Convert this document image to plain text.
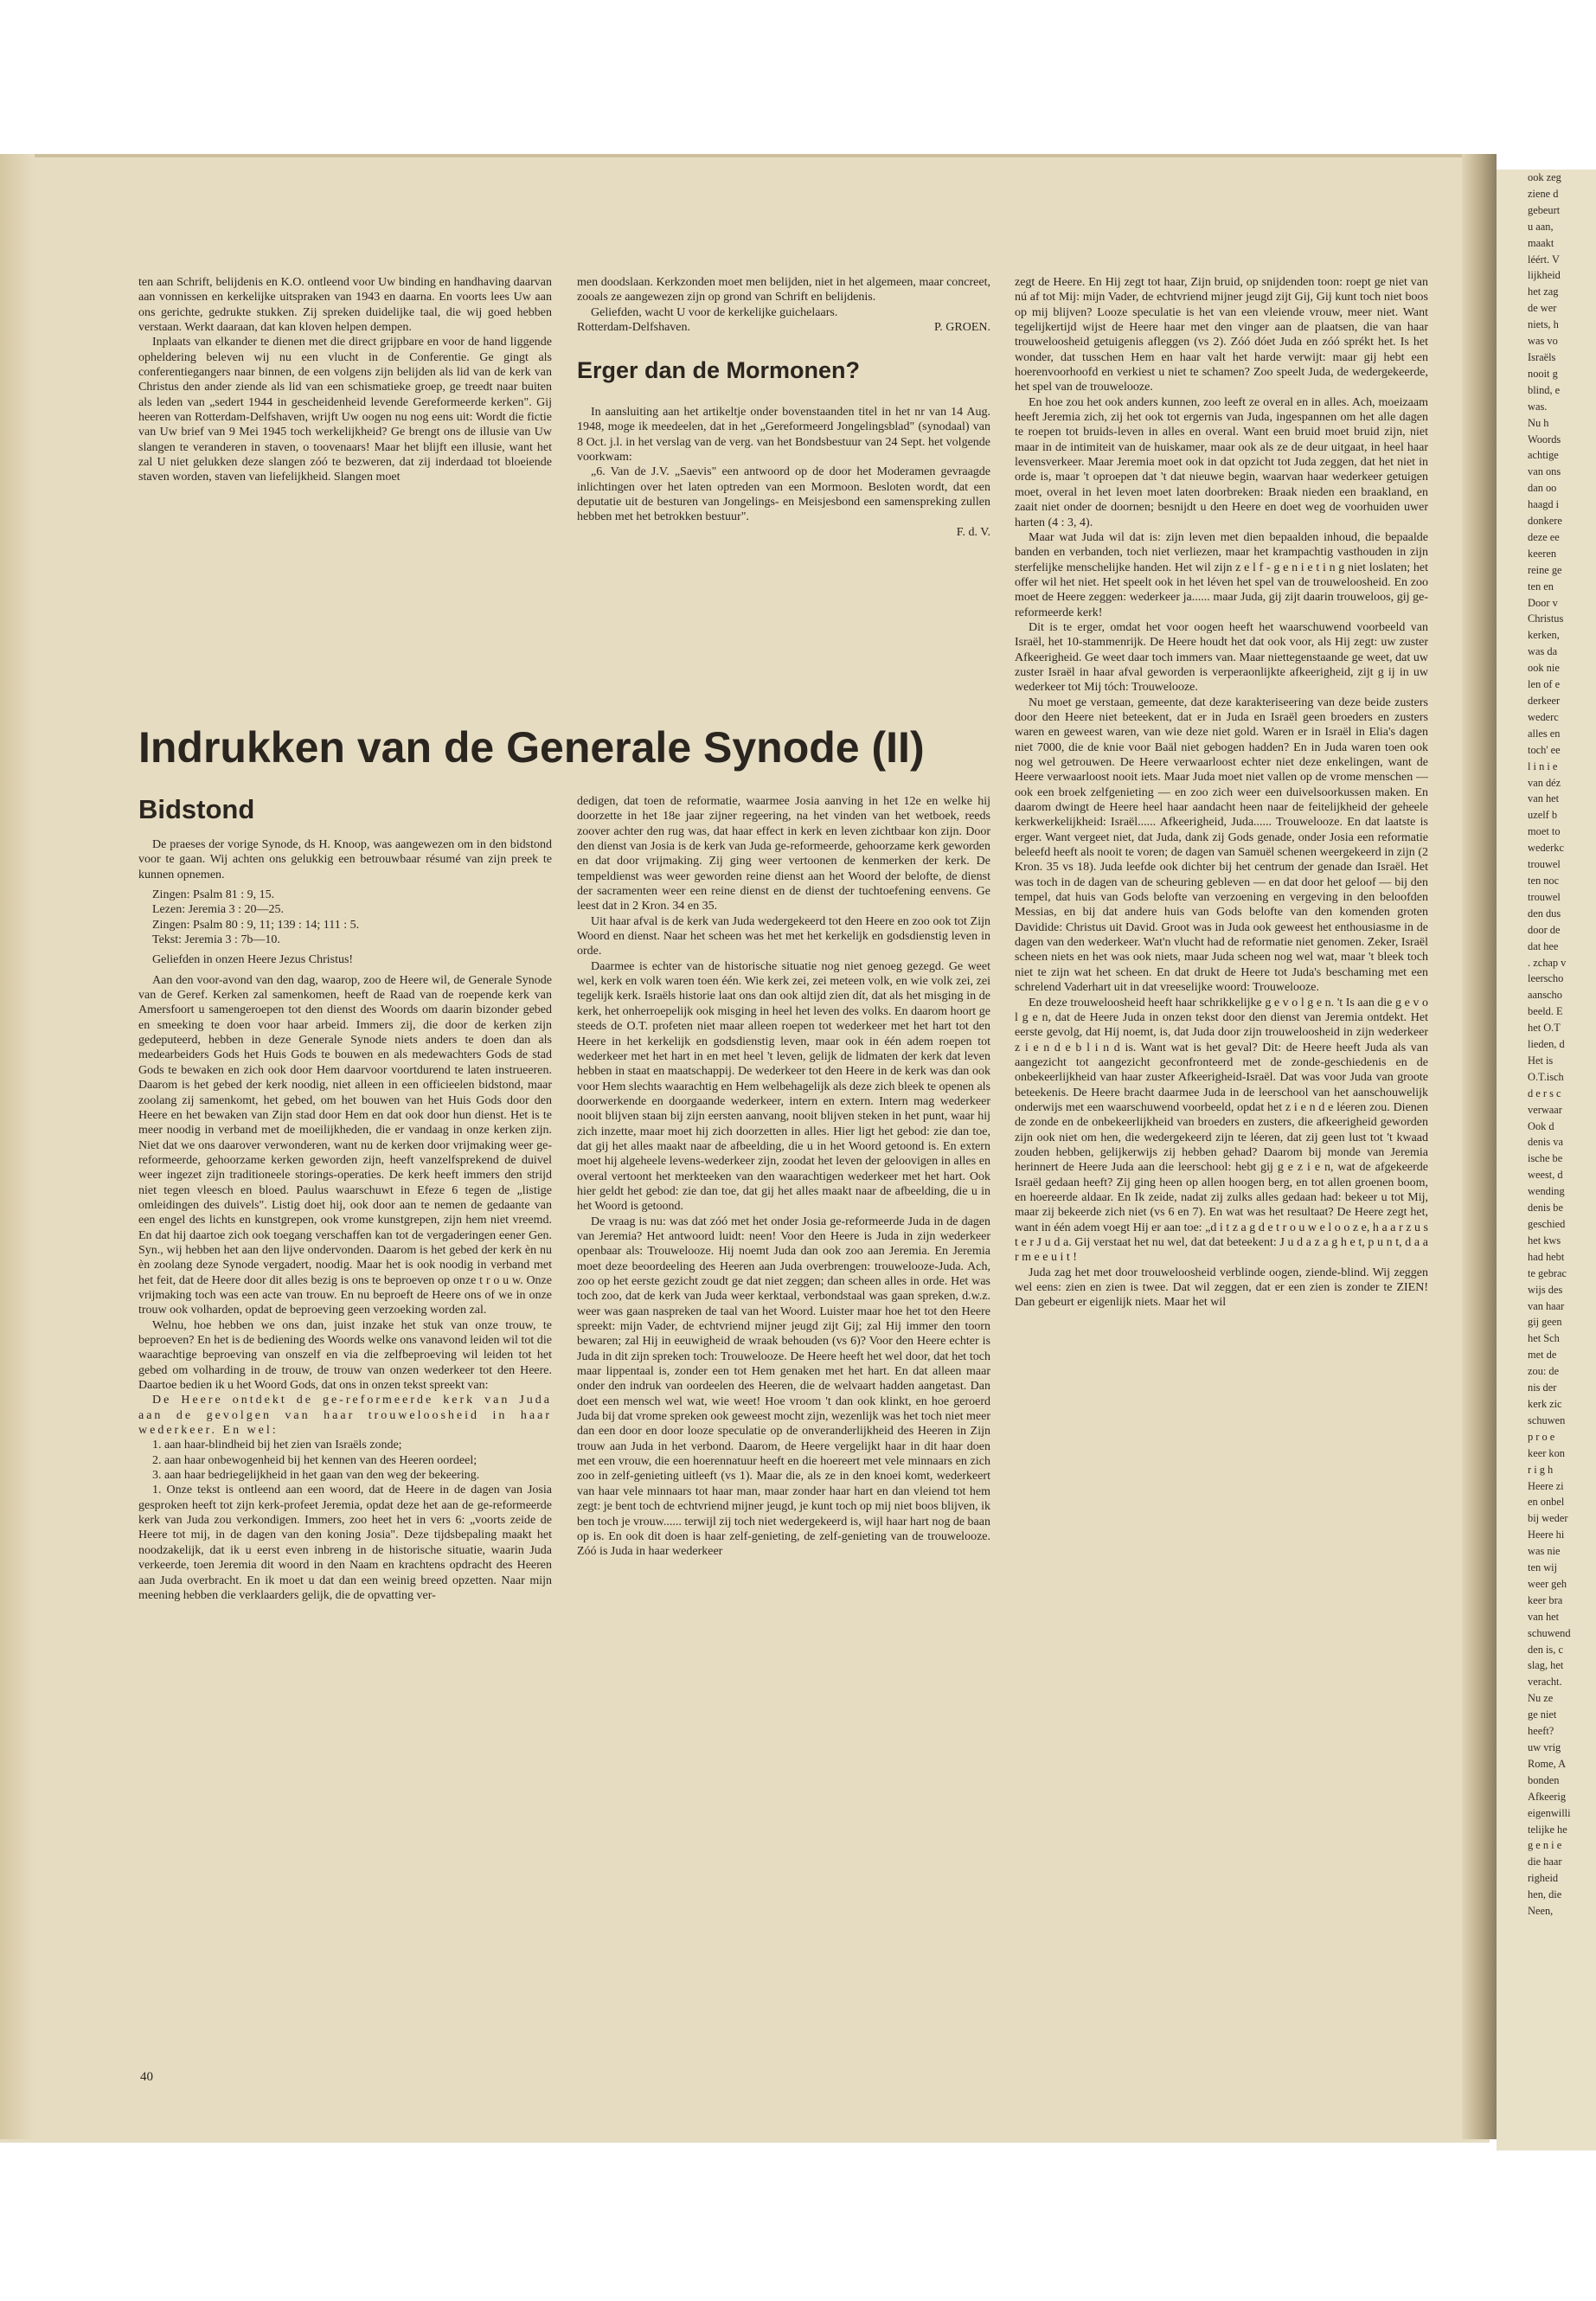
ook zeg
ziene d
gebeurt
u aan,
maakt
léért. V
lijkheid
het zag
de wer
niets, h
was vo
Israëls
nooit g
blind, e
was.
Nu h
Woords
achtige
van ons
dan oo
haagd i
donkere
deze ee
keeren
reine ge
ten en
Door v
Christus
kerken,
was da
ook nie
len of e
derkeer
wederc
alles en
toch' ee
l i n i e
van déz
van het
uzelf b
moet to
wederkc
trouwel
ten noc
trouwel
den dus
door de
dat hee
. zchap v
leerscho
aanscho
beeld. E
het O.T
lieden, d
Het is
O.T.isch
d e r s c
verwaar
Ook d
denis va
ische be
weest, d
wending
denis be
geschied
het kws
had hebt
te gebrac
wijs des
van haar
gij geen
het Sch
met de
zou: de
nis der
kerk zic
schuwen
p r o e
keer kon
r i g h
Heere zi
en onbel
bij weder
Heere hi
was nie
ten wij
weer geh
keer bra
van het
schuwend
den is, c
slag, het
veracht.
Nu ze
ge niet
heeft?
uw vrig
Rome, A
bonden
Afkeerig
eigenwilli
telijke he
g e n i e
die haar
righeid
hen, die
Neen,

ten aan Schrift, belijdenis en K.O. ontleend voor Uw binding en handhaving daarvan aan vonnissen en kerkelijke uitspraken van 1943 en daarna. En voorts lees Uw aan ons gerichte, gedrukte stukken. Zij spreken duidelijke taal, die wij goed hebben verstaan. Werkt daaraan, dat kan kloven helpen dempen.

Inplaats van elkander te dienen met die direct grijpbare en voor de hand liggende opheldering beleven wij nu een vlucht in de Conferentie. Ge gingt als conferentiegangers naar binnen, de een volgens zijn belijden als lid van de kerk van Christus den ander ziende als lid van een schismatieke groep, ge treedt naar buiten als leden van „sedert 1944 in gescheidenheid levende Gereformeerde kerken". Gij heeren van Rotterdam-Delfshaven, wrijft Uw oogen nu nog eens uit: Wordt die fictie van Uw brief van 9 Mei 1945 toch werkelijkheid? Ge brengt ons de illusie van Uw slangen te veranderen in staven, o toovenaars! Maar het blijft een illusie, want het zal U niet gelukken deze slangen zóó te bezweren, dat zij inderdaad tot bloeiende staven worden, staven van liefelijkheid. Slangen moet

men doodslaan. Kerkzonden moet men belijden, niet in het algemeen, maar concreet, zooals ze aangewezen zijn op grond van Schrift en belijdenis.

Geliefden, wacht U voor de kerkelijke guichelaars.

Rotterdam-Delfshaven.	P. GROEN.
Erger dan de Mormonen?

In aansluiting aan het artikeltje onder bovenstaanden titel in het nr van 14 Aug. 1948, moge ik meedeelen, dat in het „Gereformeerd Jongelingsblad" (synodaal) van 8 Oct. j.l. in het verslag van de verg. van het Bondsbestuur van 24 Sept. het volgende voorkwam:

„6. Van de J.V. „Saevis" een antwoord op de door het Moderamen gevraagde inlichtingen over het laten optreden van een Mormoon. Besloten wordt, dat een deputatie uit de besturen van Jongelings- en Meisjesbond een samenspreking zullen hebben met het betrokken bestuur".

F. d. V.

zegt de Heere. En Hij zegt tot haar, Zijn bruid, op snijdenden toon: roept ge niet van nú af tot Mij: mijn Vader, de echtvriend mijner jeugd zijt Gij, Gij kunt toch niet boos op mij blijven? Looze speculatie is het van een vleiende vrouw, meer niet. Want tegelijkertijd wijst de Heere haar met den vinger aan de plaatsen, die van haar trouweloosheid getuigenis afleggen (vs 2). Zóó dóet Juda en zóó sprékt het. Is het wonder, dat tusschen Hem en haar valt het harde verwijt: maar gij hebt een hoerenvoorhoofd en verkiest u niet te schamen? Zoo speelt Juda, de wedergekeerde, het spel van de trouwelooze.

En hoe zou het ook anders kunnen, zoo leeft ze overal en in alles. Ach, moeizaam heeft Jeremia zich, zij het ook tot ergernis van Juda, ingespannen om het alle dagen te roepen tot bruids-leven in alles en overal. Want een bruid moet bruid zijn, niet maar in de intimiteit van de huiskamer, maar ook als ze de deur uitgaat, in heel haar levensverkeer. Maar Jeremia moet ook in dat opzicht tot Juda zeggen, dat het niet in orde is, maar 't oproepen dat 't dat nieuwe begin, waarvan haar wederkeer getuigen moet, overal in het leven moet laten doorbreken: Braak nieden een braakland, en zaait niet onder de doornen; besnijdt u den Heere en doet weg de voorhuiden uwer harten (4 : 3, 4).

Maar wat Juda wil dat is: zijn leven met dien bepaalden inhoud, die bepaalde banden en verbanden, toch niet verliezen, maar het krampachtig vasthouden in zijn sterfelijke menschelijke handen. Het wil zijn z e l f - g e n i e t i n g niet loslaten; het offer wil het niet. Het speelt ook in het léven het spel van de trouweloosheid. En zoo moet de Heere zeggen: wederkeer ja...... maar Juda, gij zijt daarin trouweloos, gij ge-reformeerde kerk!

Dit is te erger, omdat het voor oogen heeft het waarschuwend voorbeeld van Israël, het 10-stammenrijk. De Heere houdt het dat ook voor, als Hij zegt: uw zuster Afkeerigheid. Ge weet daar toch immers van. Maar niettegenstaande ge weet, dat uw zuster Israël in haar afval geworden is verperaonlijkte afkeerigheid, zijt g ij in uw wederkeer tot Mij tóch: Trouwelooze.

Nu moet ge verstaan, gemeente, dat deze karakteriseering van deze beide zusters door den Heere niet beteekent, dat er in Juda en Israël geen broeders en zusters waren en geweest waren, van wie deze niet gold. Waren er in Israël in Elia's dagen niet 7000, die de knie voor Baäl niet gebogen hadden? En in Juda waren toen ook nog wel getrouwen. De Heere verwaarloost echter niet deze enkelingen, want de Heere verwaarloost nooit iets. Maar Juda moet niet vallen op de vrome menschen — ook een broek zelfgenieting — en zoo zich weer een duivelsoorkussen maken. En daarom dwingt de Heere heel haar aandacht heen naar de feitelijkheid der geheele kerkwerkelijkheid: Israël...... Afkeerigheid, Juda...... Trouwelooze. En dat laatste is erger. Want vergeet niet, dat Juda, dank zij Gods genade, onder Josia een reformatie beleefd heeft als nooit te voren; de dagen van Samuël schenen weergekeerd in zijn (2 Kron. 35 vs 18). Juda leefde ook dichter bij het centrum der genade dan Israël. Het was toch in de dagen van de scheuring gebleven — en dat door het geloof — bij den tempel, dat huis van Gods belofte van verzoening en vergeving in den beloofden Messias, en bij dat andere huis van Gods belofte van den komenden groten Davidide: Christus uit David. Groot was in Juda ook geweest het enthousiasme in de dagen van den wederkeer. Wat'n vlucht had de reformatie niet genomen. Zeker, Israël scheen niets en het was ook niets, maar Juda scheen nog wel wat, maar 't bleek toch niet te zijn wat het scheen. En dat drukt de Heere tot Juda's beschaming met een schrelend Vaderhart uit in dat vreeselijke woord: Trouwelooze.

En deze trouweloosheid heeft haar schrikkelijke g e v o l g e n. 't Is aan die g e v o l g e n, dat de Heere Juda in onzen tekst door den dienst van Jeremia ontdekt. Het eerste gevolg, dat Hij noemt, is, dat Juda door zijn trouweloosheid in zijn wederkeer z i e n d e b l i n d is. Want wat is het geval? Dit: de Heere heeft Juda als van aangezicht tot aangezicht geconfronteerd met de zonde-geschiedenis en de onbekeerlijkheid van haar zuster Afkeerigheid-Israël. Dat was voor Juda van groote beteekenis. De Heere bracht daarmee Juda in de leerschool van het aanschouwelijk onderwijs met een waarschuwend voorbeeld, opdat het z i e n d e léeren zou. Dienen de zonde en de onbekeerlijkheid van broeders en zusters, die afkeerigheid geworden zijn ook niet om hen, die wedergekeerd zijn te léeren, dat zij geen lust tot 't kwaad zouden hebben, gelijkerwijs zij hebben gehad? Daarom bij monde van Jeremia herinnert de Heere Juda aan die leerschool: hebt gij g e z i e n, wat de afgekeerde Israël gedaan heeft? Zij ging heen op allen hoogen berg, en tot allen groenen boom, en hoereerde aldaar. En Ik zeide, nadat zij zulks alles gedaan had: bekeer u tot Mij, maar zij bekeerde zich niet (vs 6 en 7). En wat was het resultaat? De Heere zegt het, want in één adem voegt Hij er aan toe: „d i t z a g d e t r o u w e l o o z e, h a a r z u s t e r J u d a. Gij verstaat het nu wel, dat dat beteekent: J u d a z a g h e t, p u n t, d a a r m e e u i t !

Juda zag het met door trouweloosheid verblinde oogen, ziende-blind. Wij zeggen wel eens: zien en zien is twee. Dat wil zeggen, dat er een zien is zonder te ZIEN! Dan gebeurt er eigenlijk niets. Maar het wil

Indrukken van de Generale Synode (II)
Bidstond

De praeses der vorige Synode, ds H. Knoop, was aangewezen om in den bidstond voor te gaan. Wij achten ons gelukkig een betrouwbaar résumé van zijn preek te kunnen opnemen.

Zingen: Psalm 81 : 9, 15.

Lezen: Jeremia 3 : 20—25.

Zingen: Psalm 80 : 9, 11; 139 : 14; 111 : 5.

Tekst: Jeremia 3 : 7b—10.

Geliefden in onzen Heere Jezus Christus!

Aan den voor-avond van den dag, waarop, zoo de Heere wil, de Generale Synode van de Geref. Kerken zal samenkomen, heeft de Raad van de roepende kerk van Amersfoort u samengeroepen tot den dienst des Woords om daarin bizonder gebed en smeeking te doen voor haar arbeid. Immers zij, die door de kerken zijn gedeputeerd, hebben in deze Generale Synode niets anders te doen dan als medearbeiders Gods het Huis Gods te bouwen en als medewachters Gods de stad Gods te bewaken en zich ook door Hem daarvoor voortdurend te laten instrueeren. Daarom is het gebed der kerk noodig, niet alleen in een officieelen bidstond, maar zoolang zij samenkomt, het gebed, om het bouwen van het Huis Gods door den Heere en het bewaken van Zijn stad door Hem en dat ook door hun dienst. Het is te meer noodig in verband met de moeilijkheden, die er vandaag in onze kerken zijn. Niet dat we ons daarover verwonderen, want nu de kerken door vrijmaking weer ge-reformeerde, gehoorzame kerken geworden zijn, heeft vanzelfsprekend de duivel weer ingezet zijn traditioneele storings-operaties. De kerk heeft immers den strijd niet tegen vleesch en bloed. Paulus waarschuwt in Efeze 6 tegen de „listige omleidingen des duivels". Listig doet hij, ook door aan te nemen de gedaante van een engel des lichts en kunstgrepen, ook vrome kunstgrepen, zijn hem niet vreemd. En dat hij daartoe zich ook toegang verschaffen kan tot de vergaderingen eener Gen. Syn., wij hebben het aan den lijve ondervonden. Daarom is het gebed der kerk èn nu èn zoolang deze Synode vergadert, noodig. Maar het is ook noodig in verband met het feit, dat de Heere door dit alles bezig is ons te beproeven op onze t r o u w. Onze vrijmaking toch was een acte van trouw. En nu beproeft de Heere ons of we in onze trouw ook volharden, opdat de beproeving geen verzoeking worden zal.

Welnu, hoe hebben we ons dan, juist inzake het stuk van onze trouw, te beproeven? En het is de bediening des Woords welke ons vanavond leiden wil tot die waarachtige beproeving van onszelf en via die zelfbeproeving wil leiden tot het gebed om volharding in de trouw, de trouw van onzen wederkeer tot den Heere. Daartoe bedien ik u het Woord Gods, dat ons in onzen tekst spreekt van:

De Heere ontdekt de ge-reformeerde kerk van Juda aan de gevolgen van haar trouweloosheid in haar wederkeer. En wel:

1. aan haar-blindheid bij het zien van Israëls zonde;

2. aan haar onbewogenheid bij het kennen van des Heeren oordeel;

3. aan haar bedriegelijkheid in het gaan van den weg der bekeering.

1. Onze tekst is ontleend aan een woord, dat de Heere in de dagen van Josia gesproken heeft tot zijn kerk-profeet Jeremia, opdat deze het aan de ge-reformeerde kerk van Juda zou verkondigen. Immers, zoo heet het in vers 6: „voorts zeide de Heere tot mij, in de dagen van den koning Josia". Deze tijdsbepaling maakt het noodzakelijk, dat ik u eerst even inbreng in de historische situatie, waarin Juda verkeerde, toen Jeremia dit woord in den Naam en krachtens opdracht des Heeren aan Juda overbracht. En ik moet u dat dan een weinig breed opzetten. Naar mijn meening hebben die verklaarders gelijk, die de opvatting ver-

dedigen, dat toen de reformatie, waarmee Josia aanving in het 12e en welke hij doorzette in het 18e jaar zijner regeering, na het vinden van het wetboek, reeds zoover achter den rug was, dat haar effect in kerk en leven zichtbaar kon zijn. Door den dienst van Josia is de kerk van Juda ge-reformeerde, gehoorzame kerk geworden en dat door vrijmaking. Zij ging weer vertoonen de kenmerken der kerk. De tempeldienst was weer geworden reine dienst aan het Woord der belofte, de dienst der sacramenten weer een reine dienst en de dienst der tuchtoefening eenvens. Ge leest dat in 2 Kron. 34 en 35.

Uit haar afval is de kerk van Juda wedergekeerd tot den Heere en zoo ook tot Zijn Woord en dienst. Naar het scheen was het met het kerkelijk en godsdienstig leven in orde.

Daarmee is echter van de historische situatie nog niet genoeg gezegd. Ge weet wel, kerk en volk waren toen één. Wie kerk zei, zei meteen volk, en wie volk zei, zei tegelijk kerk. Israëls historie laat ons dan ook altijd zien dít, dat als het misging in de kerk, het onherroepelijk ook misging in heel het leven des volks. En daarom hoort ge steeds de O.T. profeten niet maar alleen roepen tot wederkeer met het hart tot den Heere in het kerkelijk en godsdienstig leven, maar ook in één adem roepen tot wederkeer met het hart in en met heel 't leven, gelijk de lidmaten der kerk dat leven hebben in staat en maatschappij. De wederkeer tot den Heere in de kerk was dan ook voor Hem slechts waarachtig en Hem welbehagelijk als deze zich bleek te openen als doorwerkende en doorgaande wederkeer, intern en extern. Intern mag wederkeer nooit blijven staan bij zijn eersten aanvang, nooit blijven steken in het punt, waar hij zich inzette, maar moet hij zich doorzetten in alles. Hier ligt het gebod: zie dan toe, dat gij het alles maakt naar de afbeelding, die u in het Woord getoond is. En extern moet hij algeheele levens-wederkeer zijn, zoodat het leven der geloovigen in alles en overal vertoont het merkteeken van den waarachtigen wederkeer met het hart. Ook hier geldt het gebod: zie dan toe, dat gij het alles maakt naar de afbeelding, die u in het Woord is getoond.

De vraag is nu: was dat zóó met het onder Josia ge-reformeerde Juda in de dagen van Jeremia? Het antwoord luidt: neen! Voor den Heere is Juda in zijn wederkeer openbaar als: Trouwelooze. Hij noemt Juda dan ook zoo aan Jeremia. En Jeremia moet deze beoordeeling des Heeren aan Juda overbrengen: trouwelooze-Juda. Ach, zoo op het eerste gezicht zoudt ge dat niet zeggen; dan scheen alles in orde. Het was toch zoo, dat de kerk van Juda weer kerktaal, verbondstaal was gaan spreken, d.w.z. weer was gaan naspreken de taal van het Woord. Luister maar hoe het tot den Heere spreekt: mijn Vader, de echtvriend mijner jeugd zijt Gij; zal Hij immer den toorn bewaren; zal Hij in eeuwigheid de wraak behouden (vs 6)? Voor den Heere echter is Juda in dit zijn spreken toch: Trouwelooze. De Heere heeft het wel door, dat het toch maar lippentaal is, zonder een tot Hem genaken met het hart. En dat alleen maar onder den indruk van oordeelen des Heeren, die de welvaart hadden aangetast. Dan doet een mensch wel wat, wie weet! Hoe vroom 't dan ook klinkt, en hoe geroerd Juda bij dat vrome spreken ook geweest mocht zijn, wezenlijk was het toch niet meer dan een door en door looze speculatie op de onveranderlijkheid des Heeren in Zijn trouw aan Juda in het verbond. Daarom, de Heere vergelijkt haar in dit haar doen met een vrouw, die een hoerennatuur heeft en die hoereert met vele minnaars en zich zoo in zelf-genieting uitleeft (vs 1). Maar die, als ze in den knoei komt, wederkeert van haar vele minnaars tot haar man, maar zonder haar hart en dan vleiend tot hem zegt: je bent toch de echtvriend mijner jeugd, je kunt toch op mij niet boos blijven, ik ben toch je vrouw...... terwijl zij toch niet wedergekeerd is, wijl haar hart nog de baan op is. En ook dit doen is haar zelf-genieting, de zelf-genieting van de trouwelooze. Zóó is Juda in haar wederkeer

40
